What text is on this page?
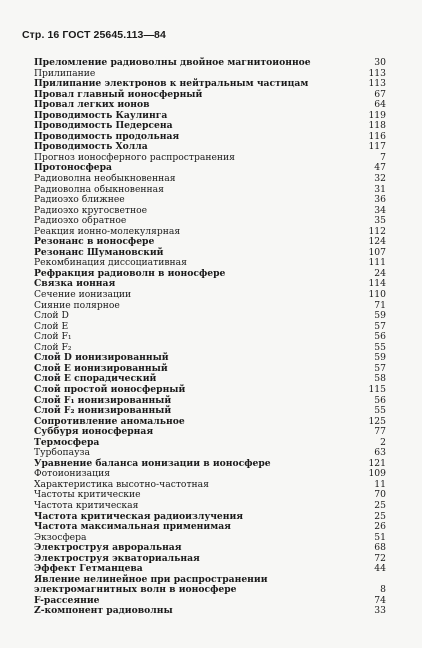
Стр. 16 ГОСТ 25645.113—84
Преломление радиоволны двойное магнитоионное	30
Прилипание	113
Прилипание электронов к нейтральным частицам	113
Провал главный ионосферный	67
Провал легких ионов	64
Проводимость Каулинга	119
Проводимость Педерсена	118
Проводимость продольная	116
Проводимость Холла	117
Прогноз ионосферного распространения	7
Протоносфера	47
Радиоволна необыкновенная	32
Радиоволна обыкновенная	31
Радиоэхо ближнее	36
Радиоэхо кругосветное	34
Радиоэхо обратное	35
Реакция ионно-молекулярная	112
Резонанс в ионосфере	124
Резонанс Шумановский	107
Рекомбинация диссоциативная	111
Рефракция радиоволн в ионосфере	24
Связка ионная	114
Сечение ионизации	110
Сияние полярное	71
Слой D	59
Слой E	57
Слой F₁	56
Слой F₂	55
Слой D ионизированный	59
Слой E ионизированный	57
Слой E спорадический	58
Слой простой ионосферный	115
Слой F₁ ионизированный	56
Слой F₂ ионизированный	55
Сопротивление аномальное	125
Суббуря ионосферная	77
Термосфера	2
Турбопауза	63
Уравнение баланса ионизации в ионосфере	121
Фотоионизация	109
Характеристика высотно-частотная	11
Частоты критические	70
Частота критическая	25
Частота критическая радиоизлучения	25
Частота максимальная применимая	26
Экзосфера	51
Электроструя авроральная	68
Электроструя экваториальная	72
Эффект Гетманцева	44
Явление нелинейное при распространении электромагнитных волн в ионосфере	8
F-рассеяние	74
Z-компонент радиоволны	33
